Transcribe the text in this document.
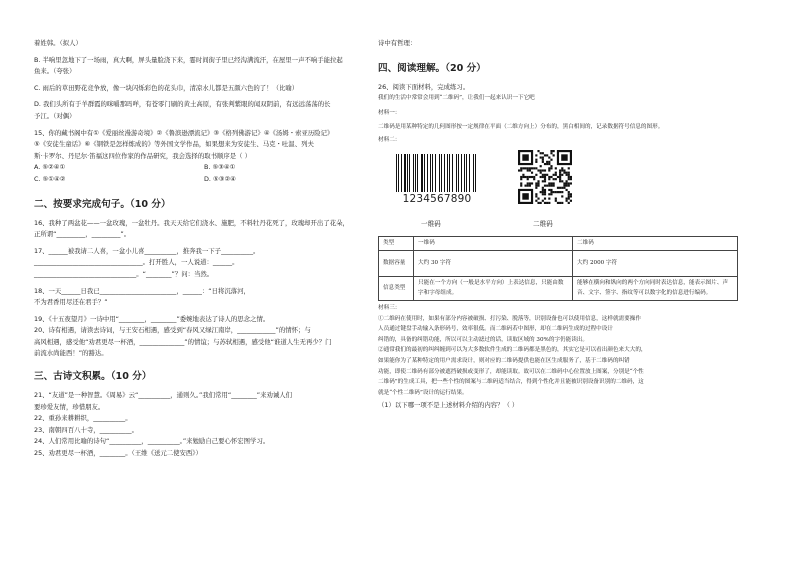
着姓韩。（拟人）

B. 半响里忽地下了一场雨，真大啊，屏头量脸浇下来，霎时间街子里已经沟满流汗，在屋里一声不响手能拉起

鱼来。（夸张）

C. 雨后的草田野花竞争放，像一块闪烁彩色的花头巾，清凉水儿都是五颜六色的了！（比喻）

D. 我们头所有于羊群霞的咪嚼那吗咩，有苍零门刷的黄土高原，有张判紫眼的闻双阴前，有远远荡荡的长

予江。（对偶）

15、你的藏书阁中有①《爱丽丝漫游奇境》②《鲁滨逊漂流记》③《格列佛游记》④《汤姆・索亚历险记》

⑤《安徒生童话》⑥《钢铁是怎样炼成的》等外国文学作品，如果想来为安徒生、马克・吐温、列夫

斯·卡罗尔、丹尼尔·笛福这四位作家的作品研究，我会选择的取书顺序是（ ）

A. ⑤②④①	B. ⑤③④①
C. ⑤①④②	D. ⑤③②④
二、按要求完成句子。（10 分）

16、我种了两盆花——一盆玫瑰，一盆牡丹。我天天给它们浇水、施肥，不料牡丹花死了，玫瑰却开出了花朵，

正所谓“_________，_________”。

17、______被我请二人喜，一盆小儿喜__________，推奔我一下子__________。

__________________________________。打开胜人，一人说道：______。

________________________________。“________”？问：当然。

18、一天______日我已________________________，______：“日将沉落河，

不为君香用尽还在君手？”

19、《十五夜望月》一诗中用“________，________”委婉地表达了诗人的思念之情。

20、诗有相遇，请读去诗词，与王安石相遇，感受到“春风又绿江南岸，____________”的情怀；与

高风相遇，感受他“劝君更尽一杯酒，______________”的情谊；与苏轼相遇，感受他“谁道人生无再少？门

前流水尚能西！”的豁达。

三、古诗文积累。（10 分）

21、“友道”是一种智慧。《周易》云“__________，通则久。”我们常用“________”来劝诫人们

要珍爱友情，珍惜朋友。

22、重孙来耕耕织，__________。

23、南朝四百八十寺，__________。

24、人们常用比喻的诗句“__________，__________。”来勉励自己要心怀宏图学习。

25、劝君更尽一杯酒，________。（王维《送元二使安西》）

诗中有哲理：

四、阅读理解。（20 分）

26、阅读下面材料，完成练习。

我们的生活中常常会用到“二维码”，让我们一起来认识一下它吧

材料一：

二维码是用某种特定的几何图形按一定规律在平面（二维方向上）分布的，黑白相间的，记录数据符号信息的图形。

材料二：

1234567890
一维码	二维码
类型	一维码	二维码
数据容量	大约 30 字符	大约 2000 字符
信息类型	只能在一个方向（一般是水平方向）上表达信息，只能由数字和字母组成。	能够在横向和纵向的两个方向同时表达信息，能表示图片、声音、文字、签字、指纹等可以数字化的信息进行编码。

材料三：

①二维码在使用时，如果有部分内容被破损、打污染、脱落等，识别设备也可以使用信息，这样就需要操作

人员通过键盘手动输入条形码号，效率很低。而二维码若中图形，却在二维码生成的过程中设计

纠错的，具备的纠错功能，所以可以主动滤过的话，读取区域的 30%的字仍能读出。

②通常我们的最初的纠纠缠到可以为大多数软件生成的二维码都是黑色的，其实它是可以看出颜色来大大的，

如果能你为了某种特定的用户需求设计，则对应的二维码提供也能在区生成服务了，基于二维码的纠错

功能，即使二维码有部分被遮挡破损或变形了，却能读取。故可以在二维码中心位置放上图案，分别是“个性

二维码”的生成工具，把一些个性的图案与二维码适当结合，得到个性化并且能被识别设备识别的二维码，这

就是“个性二维码”设计的运行结果。

（1）以下哪一项不是上述材料介绍的内容？（ ）
